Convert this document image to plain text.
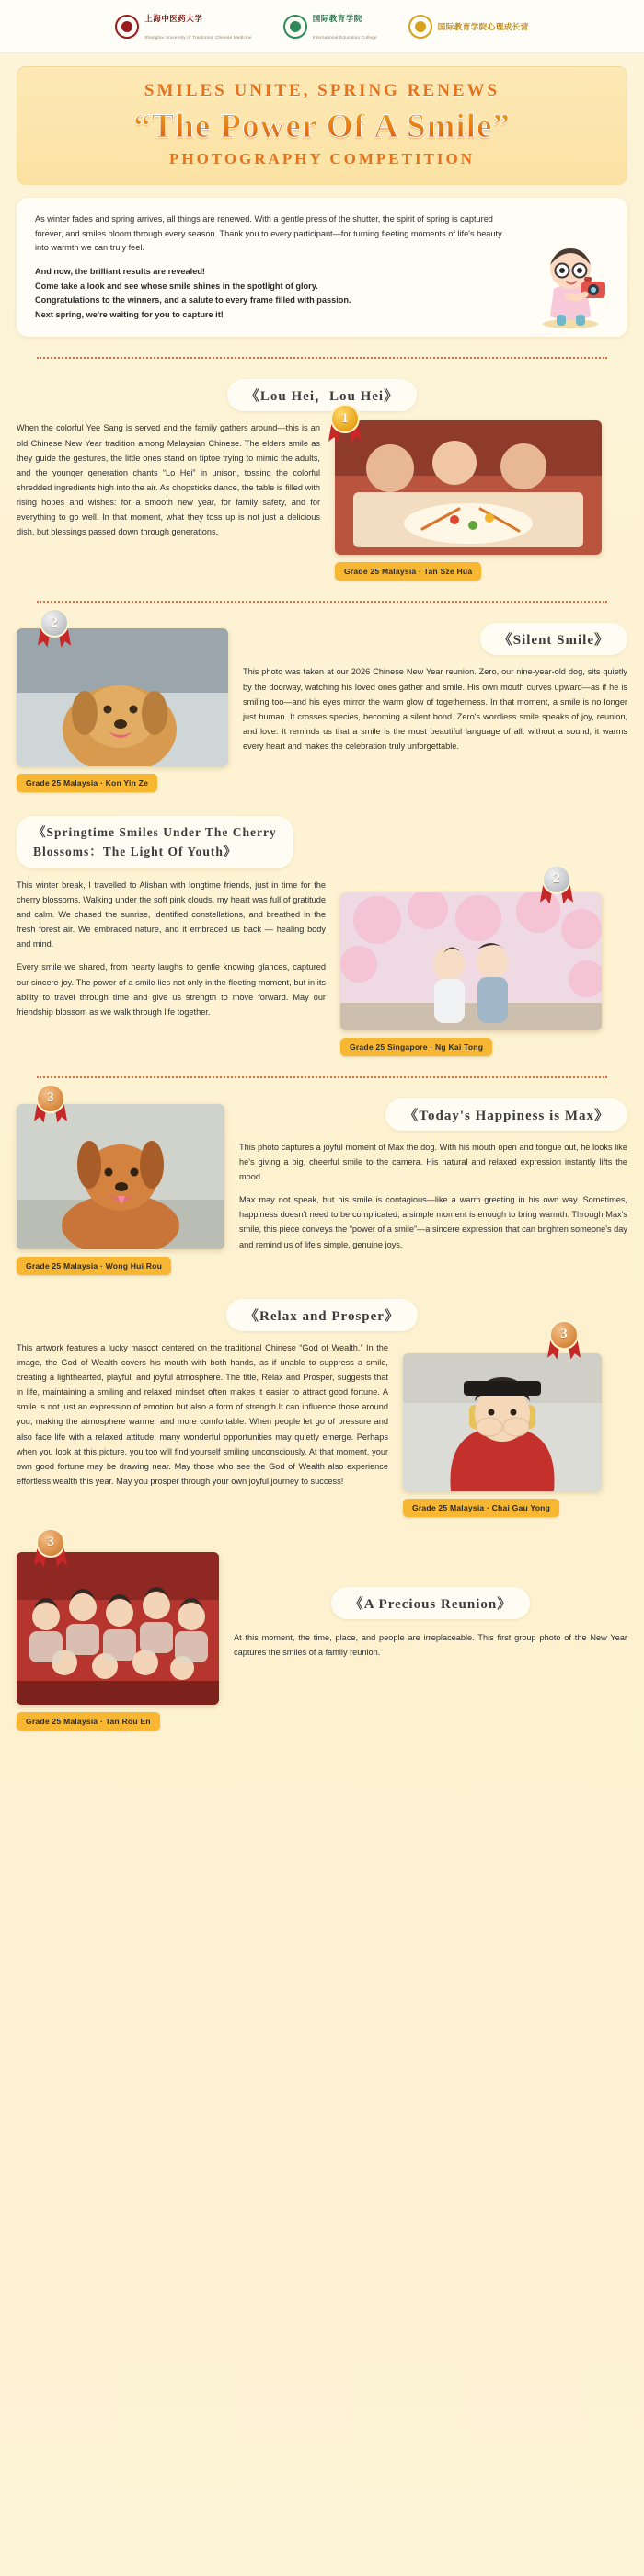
上海中医药大学
Shanghai University of Traditional Chinese Medicine
国际教育学院
International Education College
国际教育学院心理成长营
SMILES UNITE, SPRING RENEWS
“The Power Of A Smile”
PHOTOGRAPHY COMPETITION

As winter fades and spring arrives, all things are renewed. With a gentle press of the shutter, the spirit of spring is captured forever, and smiles bloom through every season. Thank you to every participant—for turning fleeting moments of life's beauty into warmth we can truly feel.

And now, the brilliant results are revealed!
Come take a look and see whose smile shines in the spotlight of glory.
Congratulations to the winners, and a salute to every frame filled with passion.
Next spring, we're waiting for you to capture it!

《Lou Hei，Lou Hei》
When the colorful Yee Sang is served and the family gathers around—this is an old Chinese New Year tradition among Malaysian Chinese. The elders smile as they guide the gestures, the little ones stand on tiptoe trying to mimic the adults, and the younger generation chants “Lo Hei” in unison, tossing the colorful shredded ingredients high into the air. As chopsticks dance, the table is filled with rising hopes and wishes: for a smooth new year, for family safety, and for everything to go well. In that moment, what they toss up is not just a delicious dish, but blessings passed down through generations.
1
Grade 25 Malaysia · Tan Sze Hua
2
Grade 25 Malaysia · Kon Yin Ze
《Silent Smile》
This photo was taken at our 2026 Chinese New Year reunion. Zero, our nine-year-old dog, sits quietly by the doorway, watching his loved ones gather and smile. His own mouth curves upward—as if he is smiling too—and his eyes mirror the warm glow of togetherness. In that moment, a smile is no longer just human. It crosses species, becoming a silent bond. Zero's wordless smile speaks of joy, reunion, and love. It reminds us that a smile is the most beautiful language of all: without a sound, it warms every heart and makes the celebration truly unforgettable.
《Springtime Smiles Under The Cherry
Blossoms：The Light Of Youth》

This winter break, I travelled to Alishan with longtime friends, just in time for the cherry blossoms. Walking under the soft pink clouds, my heart was full of gratitude and calm. We chased the sunrise, identified constellations, and breathed in the fresh forest air. We embraced nature, and it embraced us back — healing body and mind.

Every smile we shared, from hearty laughs to gentle knowing glances, captured our sincere joy. The power of a smile lies not only in the fleeting moment, but in its ability to travel through time and give us strength to move forward. May our friendship blossom as we walk through life together.

2
Grade 25 Singapore · Ng Kai Tong
3
Grade 25 Malaysia · Wong Hui Rou
《Today's Happiness is Max》

This photo captures a joyful moment of Max the dog. With his mouth open and tongue out, he looks like he's giving a big, cheerful smile to the camera. His natural and relaxed expression instantly lifts the mood.

Max may not speak, but his smile is contagious—like a warm greeting in his own way. Sometimes, happiness doesn't need to be complicated; a simple moment is enough to bring warmth. Through Max's smile, this piece conveys the “power of a smile”—a sincere expression that can brighten someone's day and remind us of life's simple, genuine joys.

《Relax and Prosper》
This artwork features a lucky mascot centered on the traditional Chinese “God of Wealth.” In the image, the God of Wealth covers his mouth with both hands, as if unable to suppress a smile, creating a lighthearted, playful, and joyful atmosphere. The title, Relax and Prosper, suggests that in life, maintaining a smiling and relaxed mindset often makes it easier to attract good fortune. A smile is not just an expression of emotion but also a form of strength.It can influence those around you, making the atmosphere warmer and more comfortable. When people let go of pressure and also face life with a relaxed attitude, many wonderful opportunities may quietly emerge. Perhaps when you look at this picture, you too will find yourself smiling unconsciously. At that moment, your own good fortune may be drawing near. May those who see the God of Wealth also experience effortless wealth this year. May you prosper through your own joyful journey to success!
3
Grade 25 Malaysia · Chai Gau Yong
3
Grade 25 Malaysia · Tan Rou En
《A Precious Reunion》
At this moment, the time, place, and people are irreplaceable. This first group photo of the New Year captures the smiles of a family reunion.
